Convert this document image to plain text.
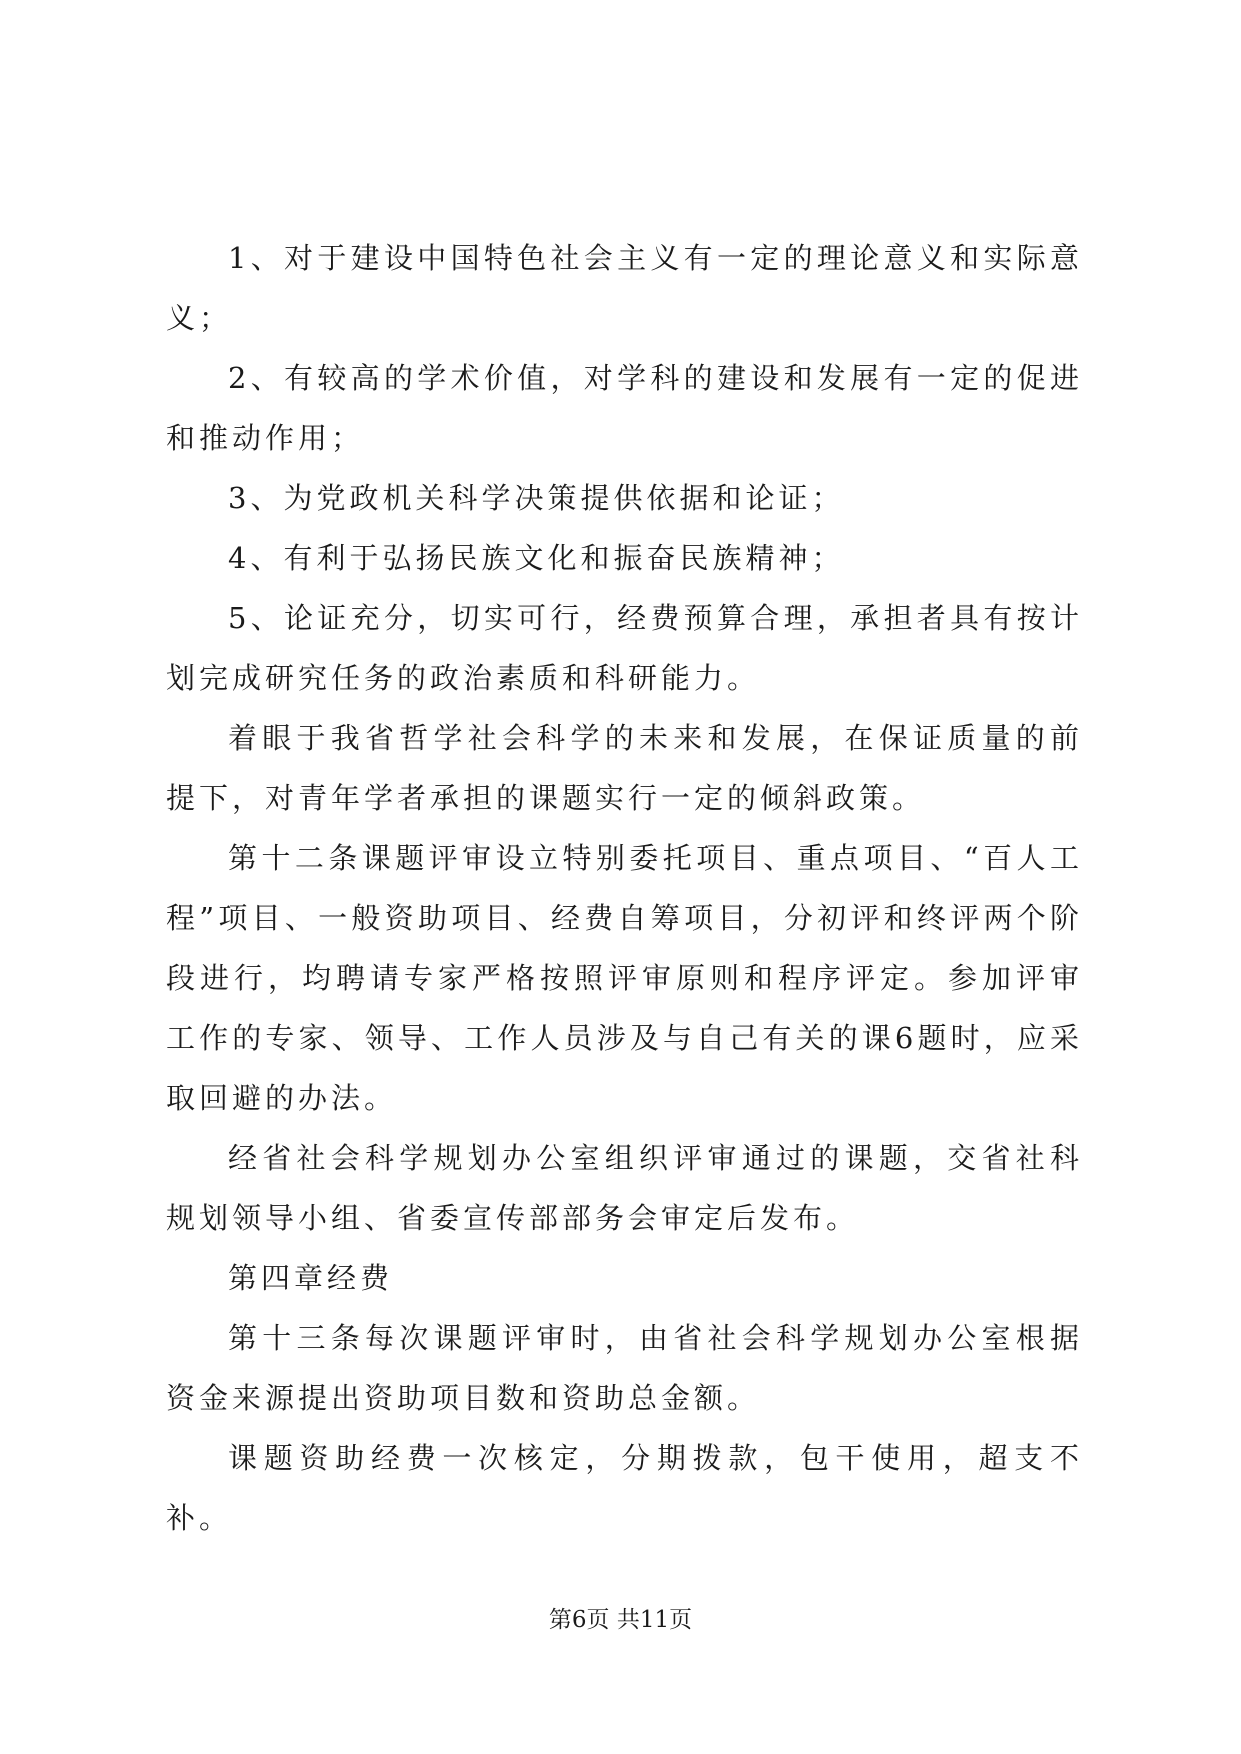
1、对于建设中国特色社会主义有一定的理论意义和实际意义；

2、有较高的学术价值，对学科的建设和发展有一定的促进和推动作用；

3、为党政机关科学决策提供依据和论证；

4、有利于弘扬民族文化和振奋民族精神；

5、论证充分，切实可行，经费预算合理，承担者具有按计划完成研究任务的政治素质和科研能力。

着眼于我省哲学社会科学的未来和发展，在保证质量的前提下，对青年学者承担的课题实行一定的倾斜政策。

第十二条课题评审设立特别委托项目、重点项目、“百人工程”项目、一般资助项目、经费自筹项目，分初评和终评两个阶段进行，均聘请专家严格按照评审原则和程序评定。参加评审工作的专家、领导、工作人员涉及与自己有关的课6题时，应采取回避的办法。

经省社会科学规划办公室组织评审通过的课题，交省社科规划领导小组、省委宣传部部务会审定后发布。

第四章经费

第十三条每次课题评审时，由省社会科学规划办公室根据资金来源提出资助项目数和资助总金额。

课题资助经费一次核定，分期拨款，包干使用，超支不补。

第6页 共11页
